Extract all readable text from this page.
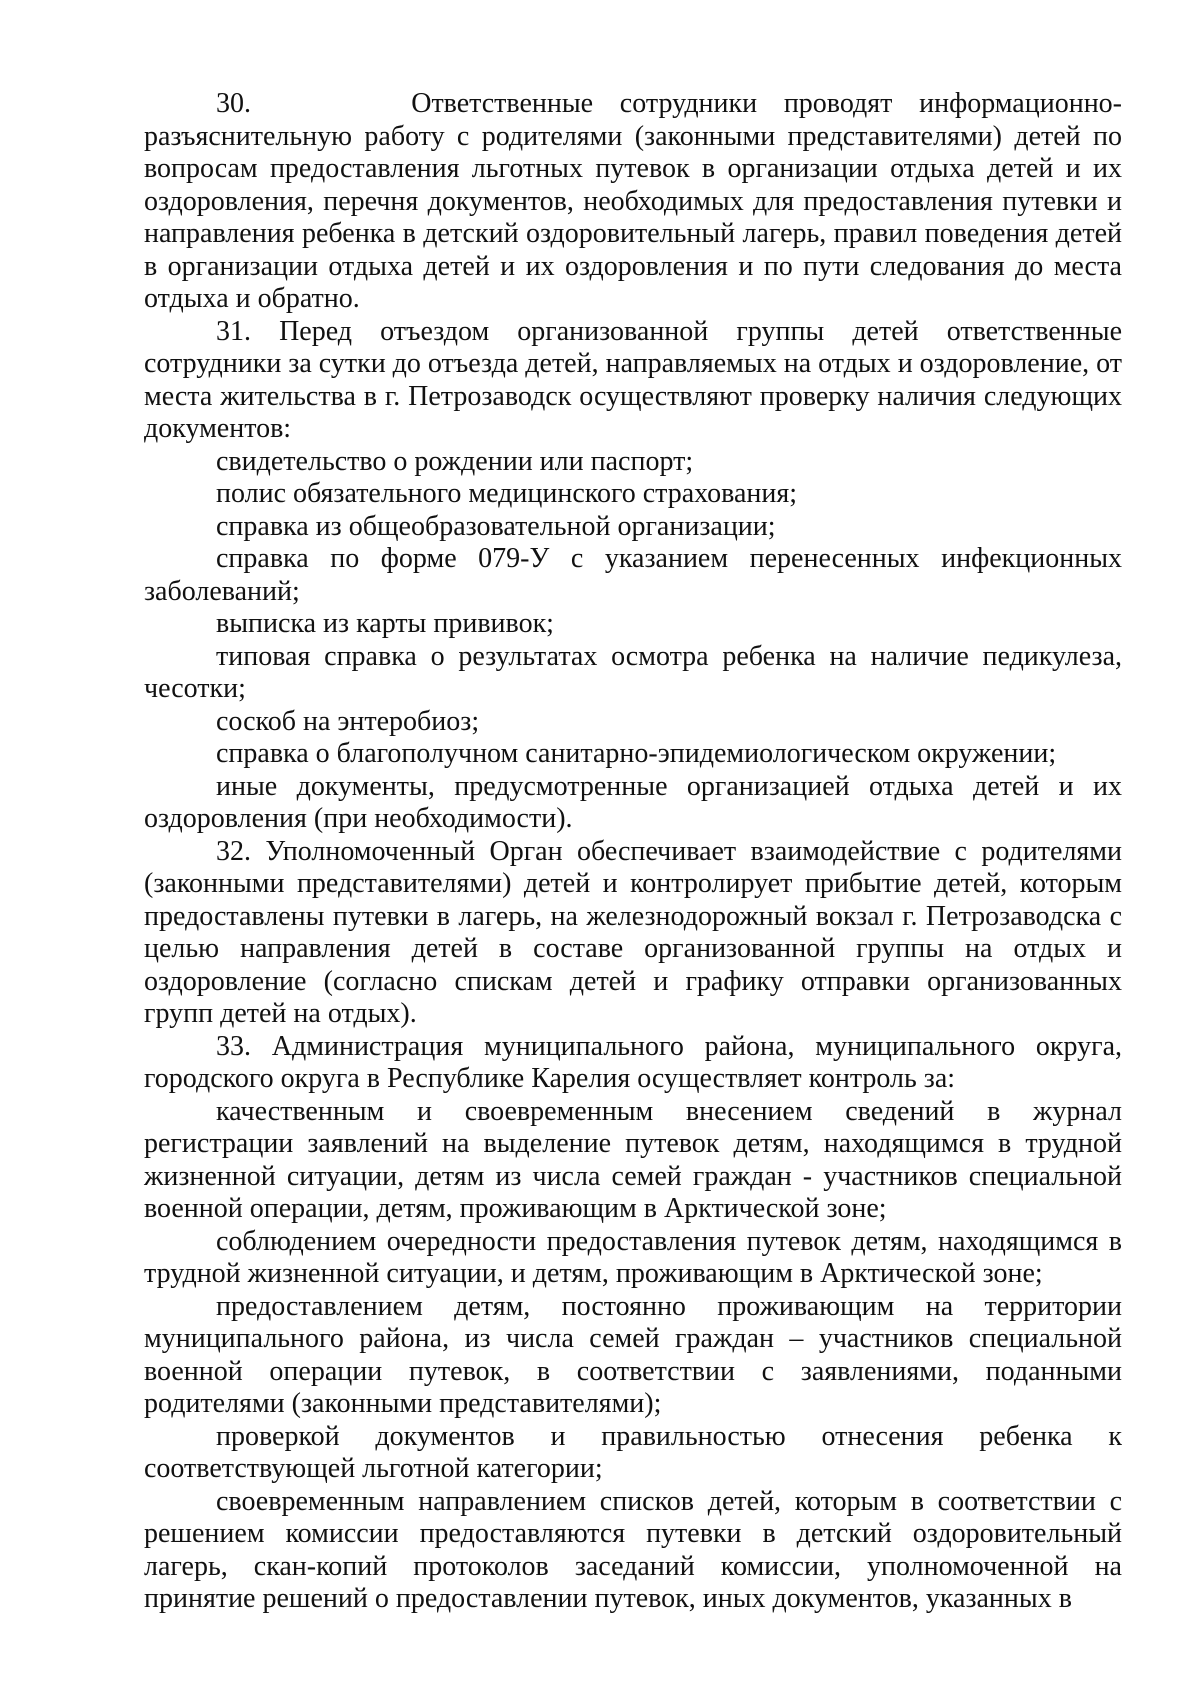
30.      Ответственные сотрудники проводят информационно-разъяснительную работу с родителями (законными представителями) детей по вопросам предоставления льготных путевок в организации отдыха детей и их оздоровления, перечня документов, необходимых для предоставления путевки и направления ребенка в детский оздоровительный лагерь, правил поведения детей в организации отдыха детей и их оздоровления и по пути следования до места отдыха и обратно.

31. Перед отъездом организованной группы детей ответственные сотрудники за сутки до отъезда детей, направляемых на отдых и оздоровление, от места жительства в г. Петрозаводск осуществляют проверку наличия следующих документов:

свидетельство о рождении или паспорт;

полис обязательного медицинского страхования;

справка из общеобразовательной организации;

справка по форме 079-У с указанием перенесенных инфекционных заболеваний;

выписка из карты прививок;

типовая справка о результатах осмотра ребенка на наличие педикулеза, чесотки;

соскоб на энтеробиоз;

справка о благополучном санитарно-эпидемиологическом окружении;

иные документы, предусмотренные организацией отдыха детей и их оздоровления (при необходимости).

32. Уполномоченный Орган обеспечивает взаимодействие с родителями (законными представителями) детей и контролирует прибытие детей, которым предоставлены путевки в лагерь, на железнодорожный вокзал г. Петрозаводска с целью направления детей в составе организованной группы на отдых и оздоровление (согласно спискам детей и графику отправки организованных групп детей на отдых).

33. Администрация муниципального района, муниципального округа, городского округа в Республике Карелия осуществляет контроль за:

качественным и своевременным внесением сведений в журнал регистрации заявлений на выделение путевок детям, находящимся в трудной жизненной ситуации, детям из числа семей граждан - участников специальной военной операции, детям, проживающим в Арктической зоне;

соблюдением очередности предоставления путевок детям, находящимся в трудной жизненной ситуации, и детям, проживающим в Арктической зоне;

предоставлением детям, постоянно проживающим на территории муниципального района, из числа семей граждан – участников специальной военной операции путевок, в соответствии с заявлениями, поданными родителями (законными представителями);

проверкой документов и правильностью отнесения ребенка к соответствующей льготной категории;

своевременным направлением списков детей, которым в соответствии с решением комиссии предоставляются путевки в детский оздоровительный лагерь, скан-копий протоколов заседаний комиссии, уполномоченной на принятие решений о предоставлении путевок, иных документов, указанных в
